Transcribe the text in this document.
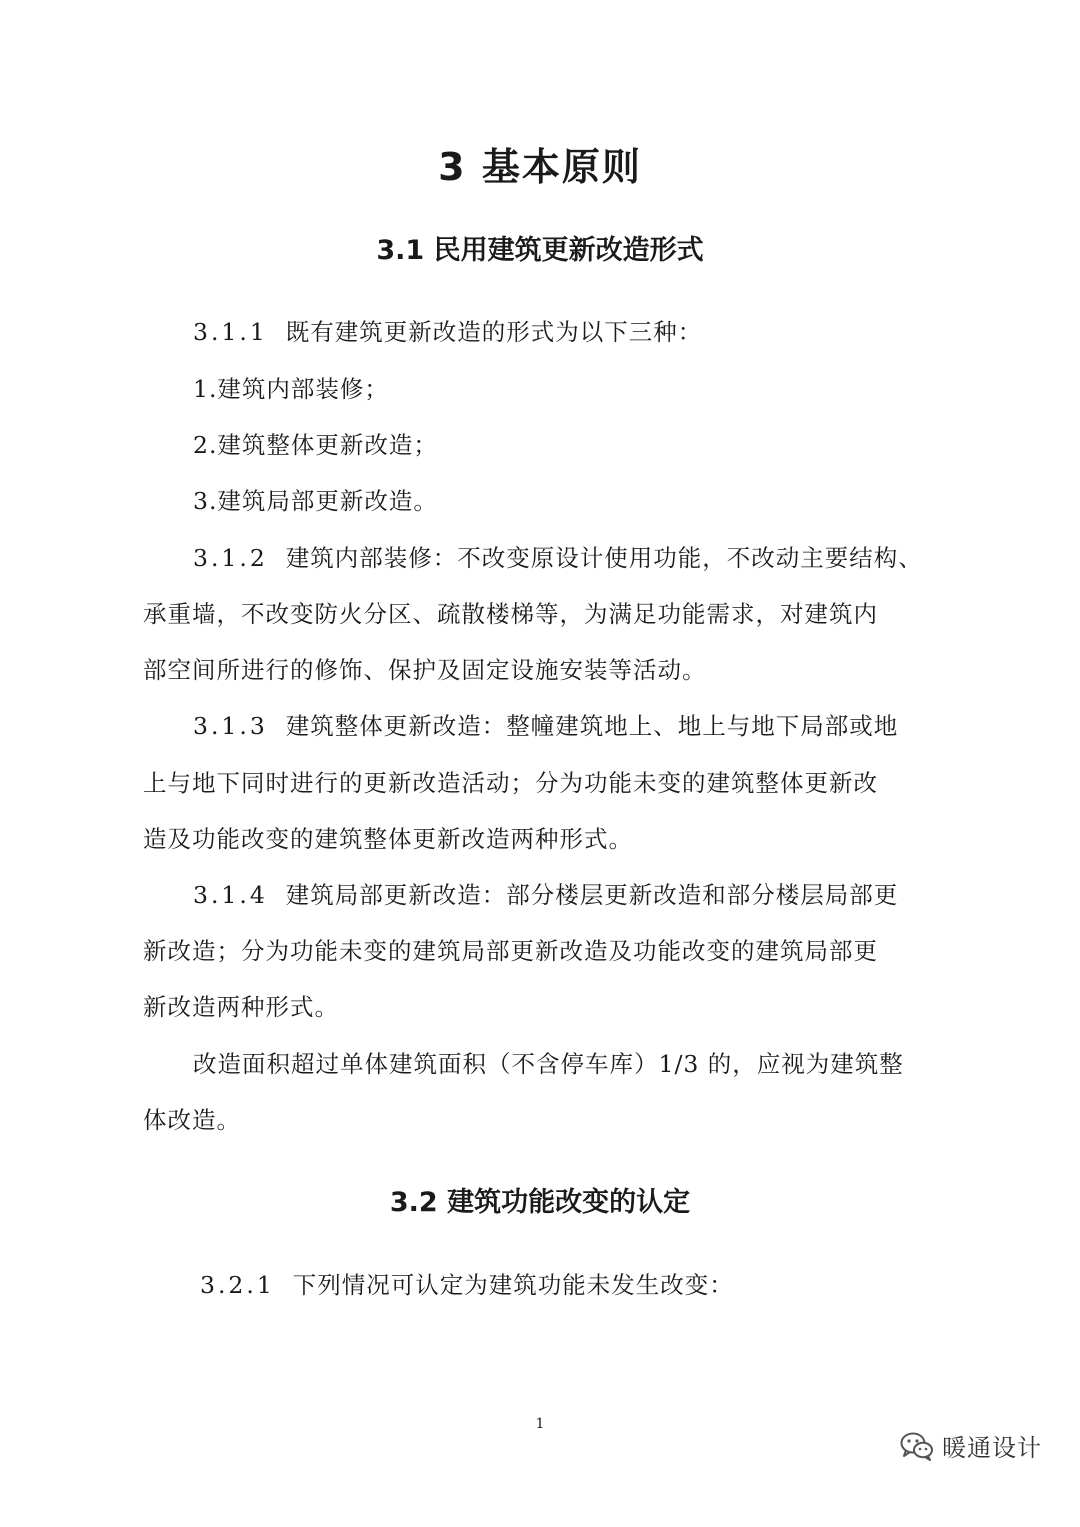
3 基本原则
3.1 民用建筑更新改造形式
3.1.1 既有建筑更新改造的形式为以下三种：
1.建筑内部装修；
2.建筑整体更新改造；
3.建筑局部更新改造。
3.1.2 建筑内部装修：不改变原设计使用功能，不改动主要结构、
承重墙，不改变防火分区、疏散楼梯等，为满足功能需求，对建筑内
部空间所进行的修饰、保护及固定设施安装等活动。
3.1.3 建筑整体更新改造：整幢建筑地上、地上与地下局部或地
上与地下同时进行的更新改造活动；分为功能未变的建筑整体更新改
造及功能改变的建筑整体更新改造两种形式。
3.1.4 建筑局部更新改造：部分楼层更新改造和部分楼层局部更
新改造；分为功能未变的建筑局部更新改造及功能改变的建筑局部更
新改造两种形式。
改造面积超过单体建筑面积（不含停车库）1/3 的，应视为建筑整
体改造。
3.2 建筑功能改变的认定
3.2.1 下列情况可认定为建筑功能未发生改变：
1
暖通设计
